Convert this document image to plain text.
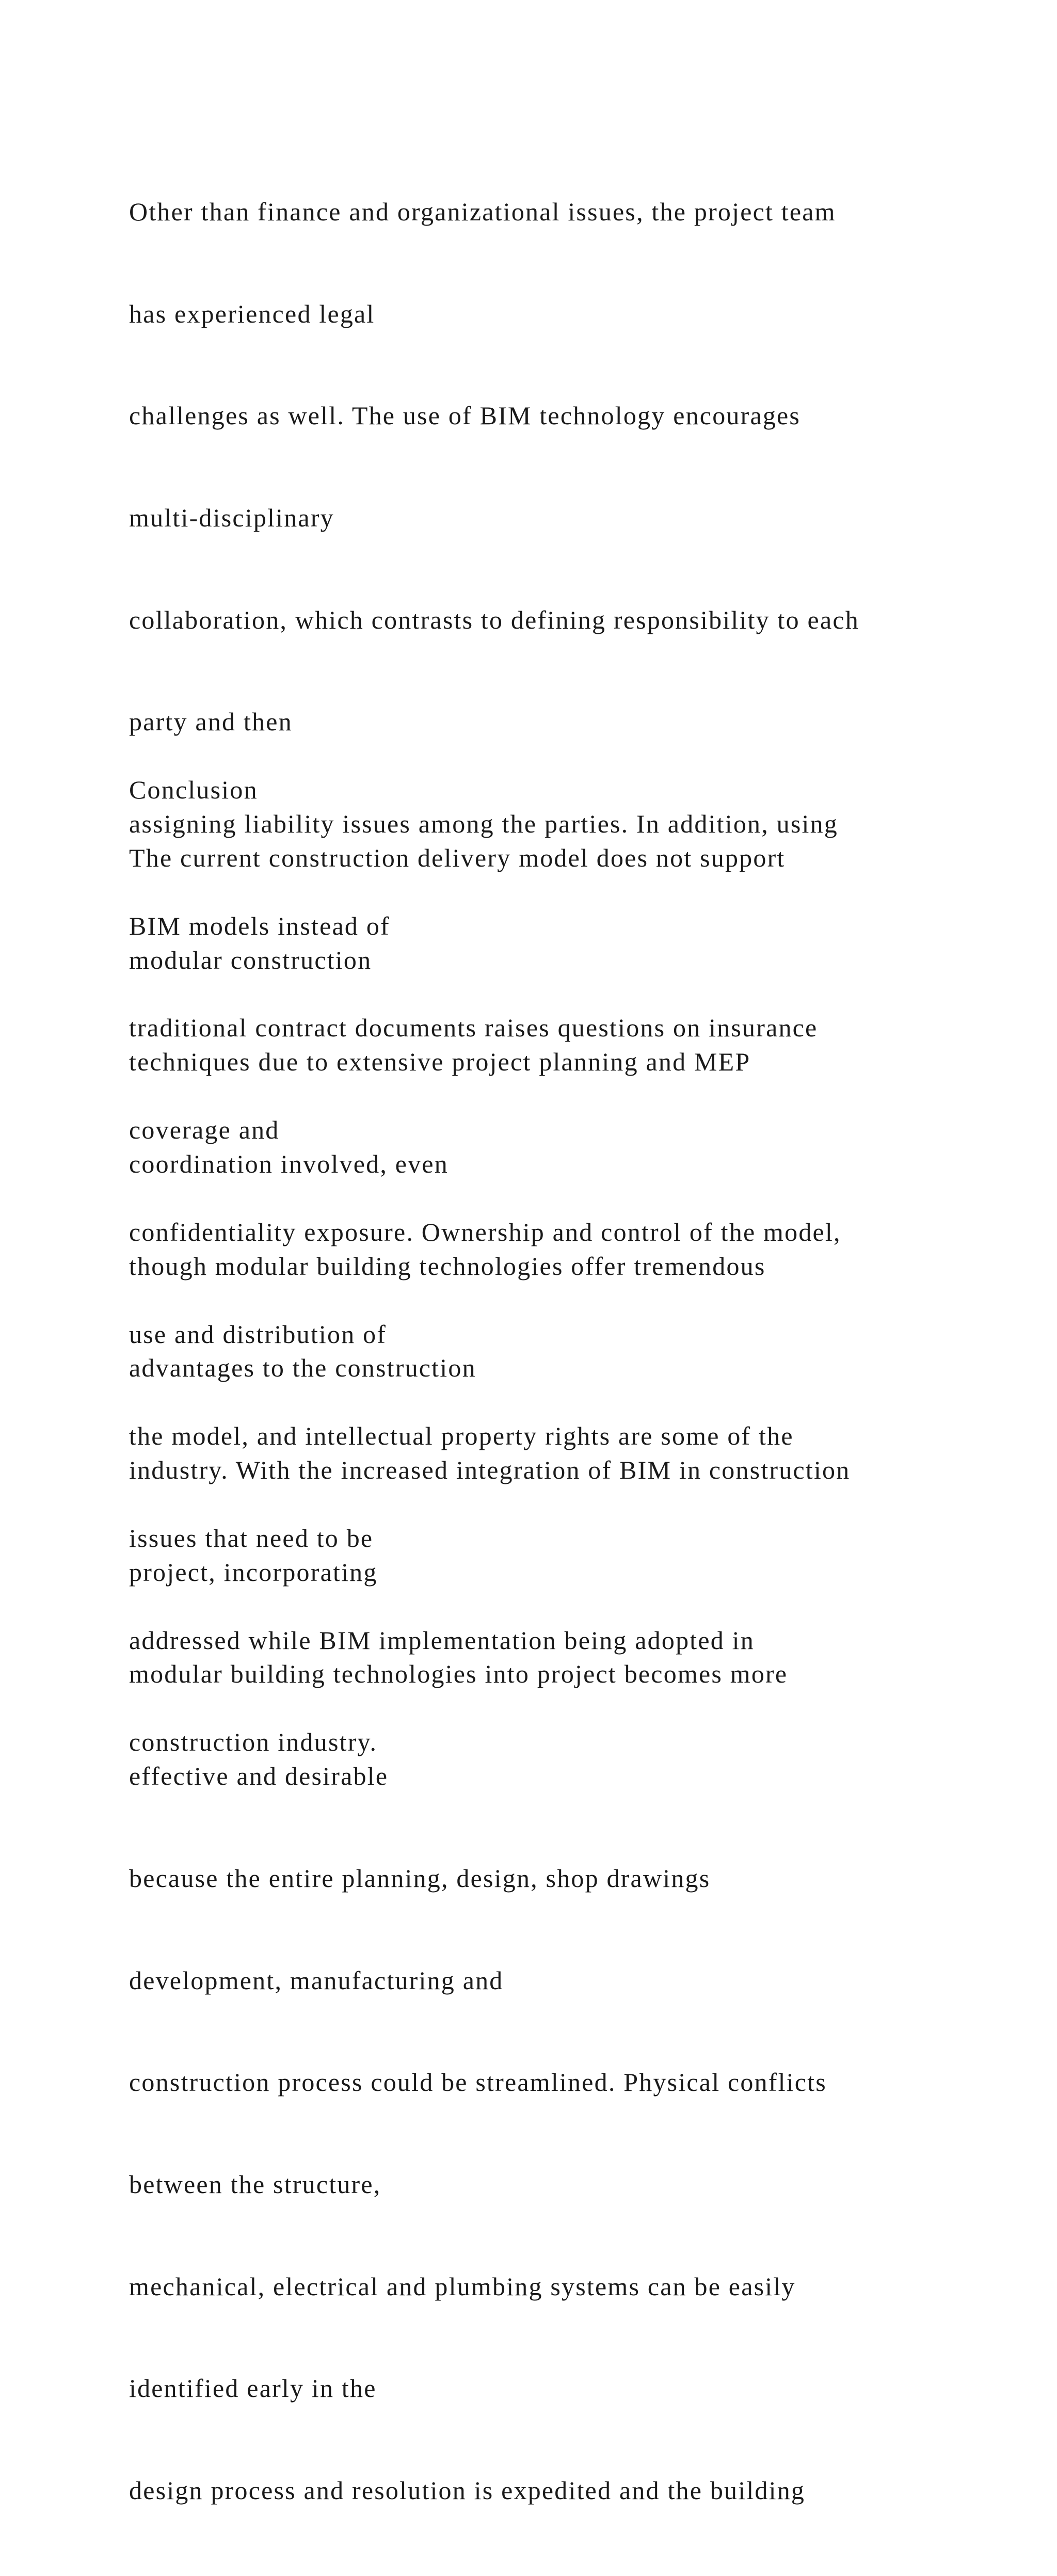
Other than finance and organizational issues, the project team

has experienced legal

challenges as well. The use of BIM technology encourages

multi-disciplinary

collaboration, which contrasts to defining responsibility to each

party and then

assigning liability issues among the parties. In addition, using

BIM models instead of

traditional contract documents raises questions on insurance

coverage and

confidentiality exposure. Ownership and control of the model,

use and distribution of

the model, and intellectual property rights are some of the

issues that need to be

addressed while BIM implementation being adopted in

construction industry.

Conclusion

The current construction delivery model does not support

modular construction

techniques due to extensive project planning and MEP

coordination involved, even

though modular building technologies offer tremendous

advantages to the construction

industry. With the increased integration of BIM in construction

project, incorporating

modular building technologies into project becomes more

effective and desirable

because the entire planning, design, shop drawings

development, manufacturing and

construction process could be streamlined. Physical conflicts

between the structure,

mechanical, electrical and plumbing systems can be easily

identified early in the

design process and resolution is expedited and the building
